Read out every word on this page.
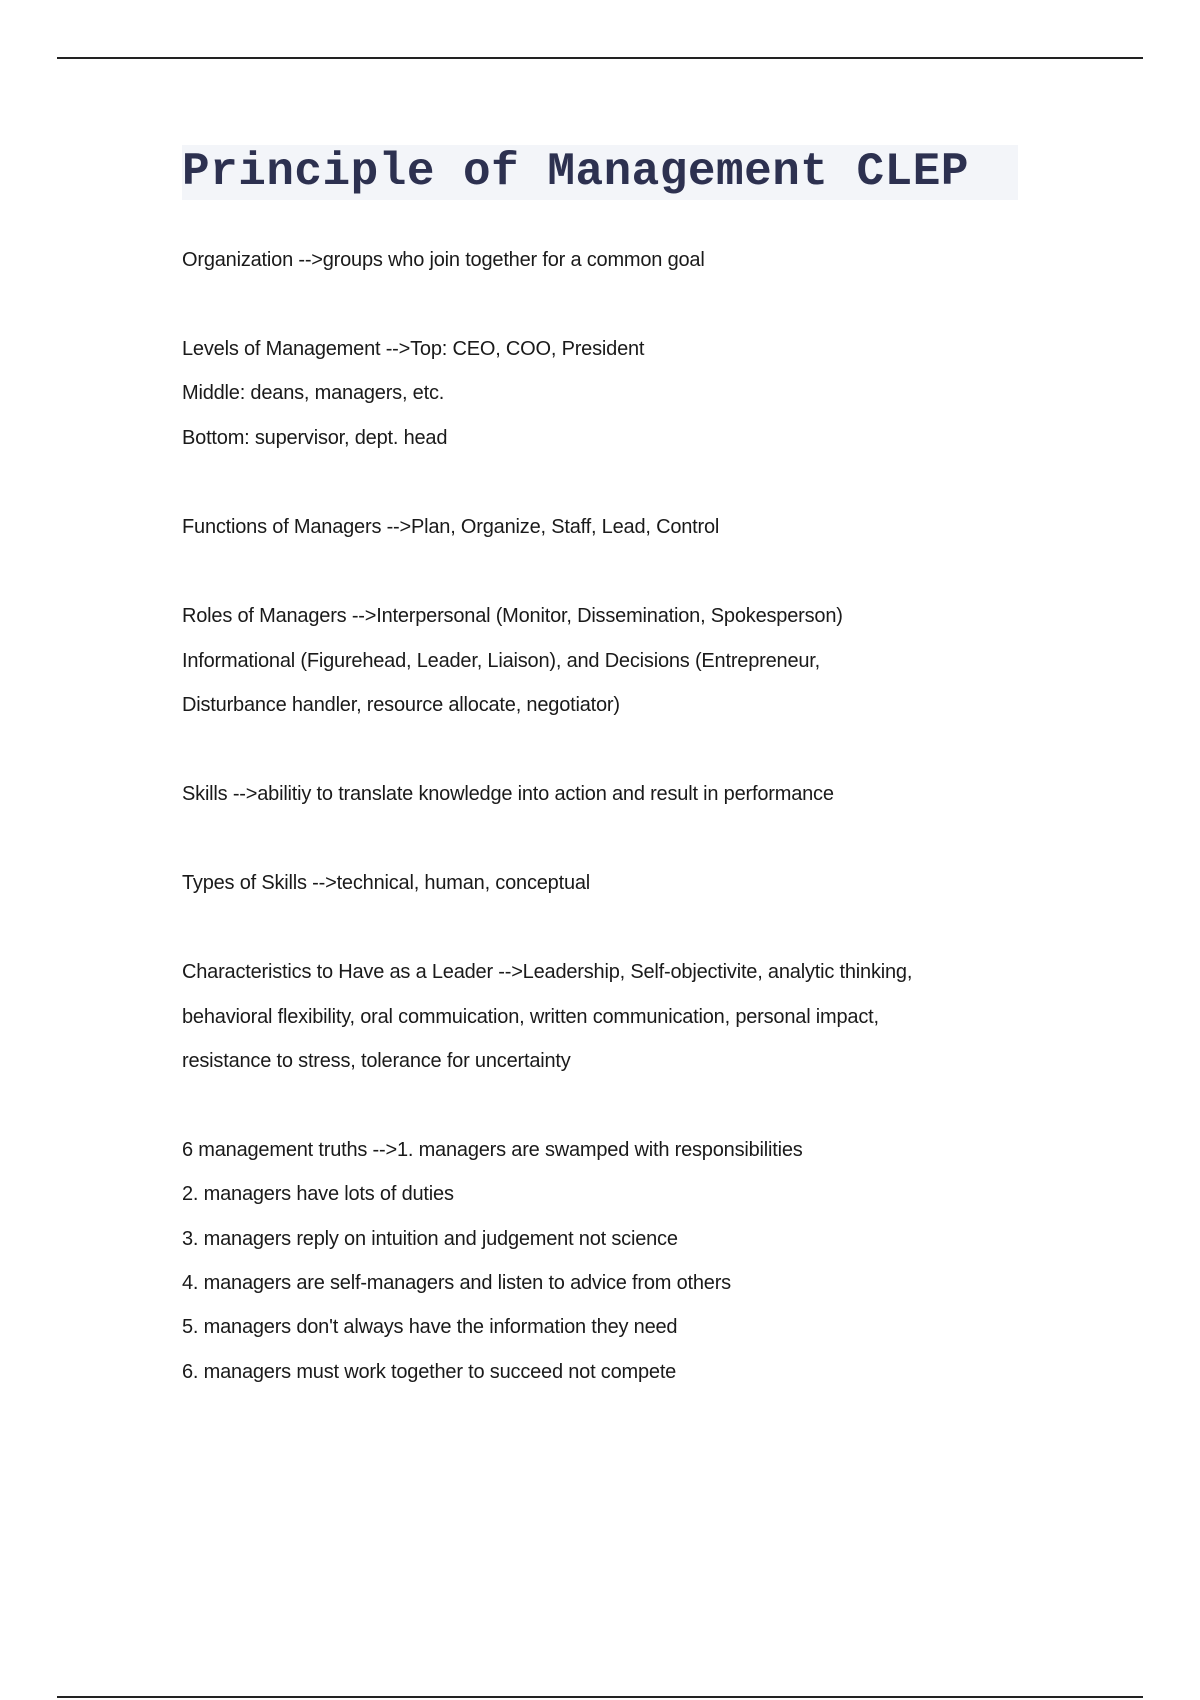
Principle of Management CLEP
Organization -->groups who join together for a common goal
Levels of Management -->Top: CEO, COO, President
Middle: deans, managers, etc.
Bottom: supervisor, dept. head
Functions of Managers -->Plan, Organize, Staff, Lead, Control
Roles of Managers -->Interpersonal (Monitor, Dissemination, Spokesperson)
Informational (Figurehead, Leader, Liaison), and Decisions (Entrepreneur,
Disturbance handler, resource allocate, negotiator)
Skills -->abilitiy to translate knowledge into action and result in performance
Types of Skills -->technical, human, conceptual
Characteristics to Have as a Leader -->Leadership, Self-objectivite, analytic thinking,
behavioral flexibility, oral commuication, written communication, personal impact,
resistance to stress, tolerance for uncertainty
6 management truths -->1. managers are swamped with responsibilities
2. managers have lots of duties
3. managers reply on intuition and judgement not science
4. managers are self-managers and listen to advice from others
5. managers don't always have the information they need
6. managers must work together to succeed not compete
